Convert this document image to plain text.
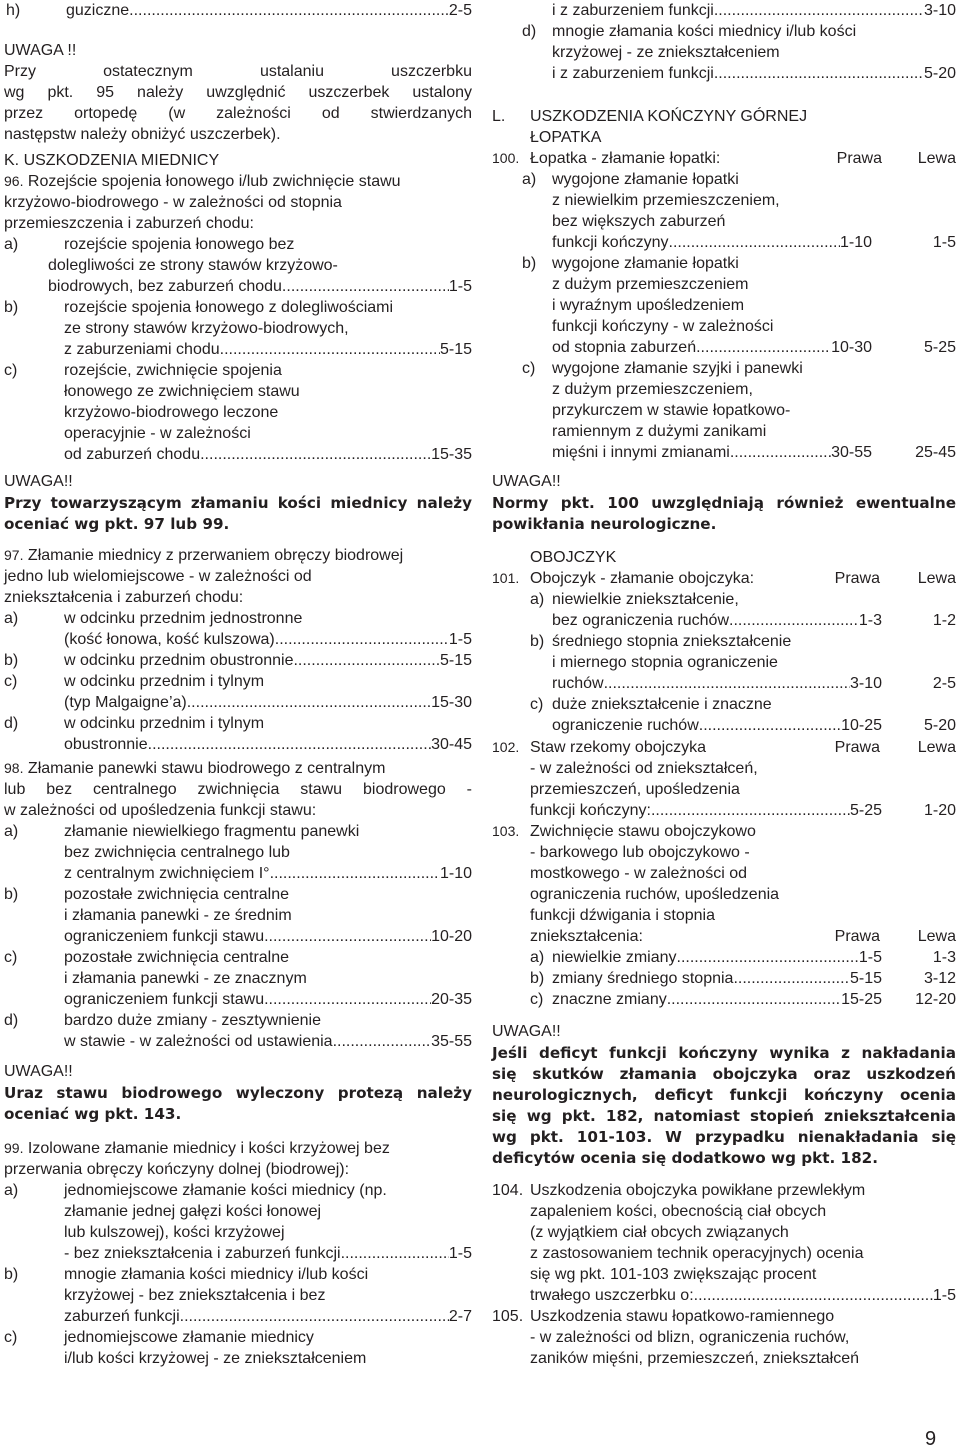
h)	guziczne .....	2-5
UWAGA !!
Przy	ostatecznym	ustalaniu	uszczerbku
wg pkt. 95 należy uwzględnić uszczerbek ustalony
przez ortopedę (w zależności od stwierdzanych
następstw należy obniżyć uszczerbek).
K. USZKODZENIA MIEDNICY
96. Rozejście spojenia łonowego i/lub zwichnięcie stawu
krzyżowo-biodrowego - w zależności od stopnia
przemieszczenia i zaburzeń chodu:
a)	rozejście spojenia łonowego bez
dolegliwości ze strony stawów krzyżowo-
biodrowych, bez zaburzeń chodu .....	1-5
b)	rozejście spojenia łonowego z dolegliwościami
ze strony stawów krzyżowo-biodrowych,
z zaburzeniami chodu .....	5-15
c)	rozejście, zwichnięcie spojenia
łonowego ze zwichnięciem stawu
krzyżowo-biodrowego leczone
operacyjnie - w zależności
od zaburzeń chodu .....	15-35
UWAGA!!
Przy towarzyszącym złamaniu kości miednicy należy
oceniać wg pkt. 97 lub 99.
97. Złamanie miednicy z przerwaniem obręczy biodrowej
jedno lub wielomiejscowe - w zależności od
zniekształcenia i zaburzeń chodu:
a)	w odcinku przednim jednostronne
(kość łonowa, kość kulszowa) .....	1-5
b)	w odcinku przednim obustronnie .....	5-15
c)	w odcinku przednim i tylnym
(typ Malgaigne’a) .....	15-30
d)	w odcinku przednim i tylnym
obustronnie .....	30-45
98. Złamanie panewki stawu biodrowego z centralnym
lub bez centralnego zwichnięcia stawu biodrowego -
w zależności od upośledzenia funkcji stawu:
a)	złamanie niewielkiego fragmentu panewki
bez zwichnięcia centralnego lub
z centralnym zwichnięciem I° .....	1-10
b)	pozostałe zwichnięcia centralne
i złamania panewki - ze średnim
ograniczeniem funkcji stawu .....	10-20
c)	pozostałe zwichnięcia centralne
i złamania panewki - ze znacznym
ograniczeniem funkcji stawu .....	20-35
d)	bardzo duże zmiany - zesztywnienie
w stawie - w zależności od ustawienia .....	35-55
UWAGA!!
Uraz stawu biodrowego wyleczony protezą należy
oceniać wg pkt. 143.
99. Izolowane złamanie miednicy i kości krzyżowej bez
przerwania obręczy kończyny dolnej (biodrowej):
a)	jednomiejscowe złamanie kości miednicy (np.
złamanie jednej gałęzi kości łonowej
lub kulszowej), kości krzyżowej
- bez zniekształcenia i zaburzeń funkcji .....	1-5
b)	mnogie złamania kości miednicy i/lub kości
krzyżowej - bez zniekształcenia i bez
zaburzeń funkcji .....	2-7
c)	jednomiejscowe złamanie miednicy
i/lub kości krzyżowej - ze zniekształceniem
i z zaburzeniem funkcji .....	3-10
d) mnogie złamania kości miednicy i/lub kości
krzyżowej - ze zniekształceniem
i z zaburzeniem funkcji .....	5-20
L. USZKODZENIA KOŃCZYNY GÓRNEJ
ŁOPATKA
100. Łopatka - złamanie łopatki:	Prawa	Lewa
a) wygojone złamanie łopatki
z niewielkim przemieszczeniem,
bez większych zaburzeń
funkcji kończyny .....	1-10	1-5
b) wygojone złamanie łopatki
z dużym przemieszczeniem
i wyraźnym upośledzeniem
funkcji kończyny - w zależności
od stopnia zaburzeń .....	10-30	5-25
c) wygojone złamanie szyjki i panewki
z dużym przemieszczeniem,
przykurczem w stawie łopatkowo-
ramiennym z dużymi zanikami
mięśni i innymi zmianami .....	30-55	25-45
UWAGA!!
Normy pkt. 100 uwzględniają również ewentualne
powikłania neurologiczne.
OBOJCZYK
101. Obojczyk - złamanie obojczyka:	Prawa	Lewa
a) niewielkie zniekształcenie,
bez ograniczenia ruchów .....	1-3	1-2
b) średniego stopnia zniekształcenie
i miernego stopnia ograniczenie
ruchów .....	3-10	2-5
c) duże zniekształcenie i znaczne
ograniczenie ruchów .....	10-25	5-20
102. Staw rzekomy obojczyka	Prawa	Lewa
- w zależności od zniekształceń,
przemieszczeń, upośledzenia
funkcji kończyny: .....	5-25	1-20
103. Zwichnięcie stawu obojczykowo
- barkowego lub obojczykowo -
mostkowego - w zależności od
ograniczenia ruchów, upośledzenia
funkcji dźwigania i stopnia
zniekształcenia:	Prawa	Lewa
a) niewielkie zmiany .....	1-5	1-3
b) zmiany średniego stopnia .....	5-15	3-12
c) znaczne zmiany .....	15-25	12-20
UWAGA!!
Jeśli deficyt funkcji kończyny wynika z nakładania
się skutków złamania obojczyka oraz uszkodzeń
neurologicznych, deficyt funkcji kończyny ocenia
się wg pkt. 182, natomiast stopień zniekształcenia
wg pkt. 101-103. W przypadku nienakładania się
deficytów ocenia się dodatkowo wg pkt. 182.
104. Uszkodzenia obojczyka powikłane przewlekłym
zapaleniem kości, obecnością ciał obcych
(z wyjątkiem ciał obcych związanych
z zastosowaniem technik operacyjnych) ocenia
się wg pkt. 101-103 zwiększając procent
trwałego uszczerbku o: .....	1-5
105. Uszkodzenia stawu łopatkowo-ramiennego
- w zależności od blizn, ograniczenia ruchów,
zaników mięśni, przemieszczeń, zniekształceń
9
